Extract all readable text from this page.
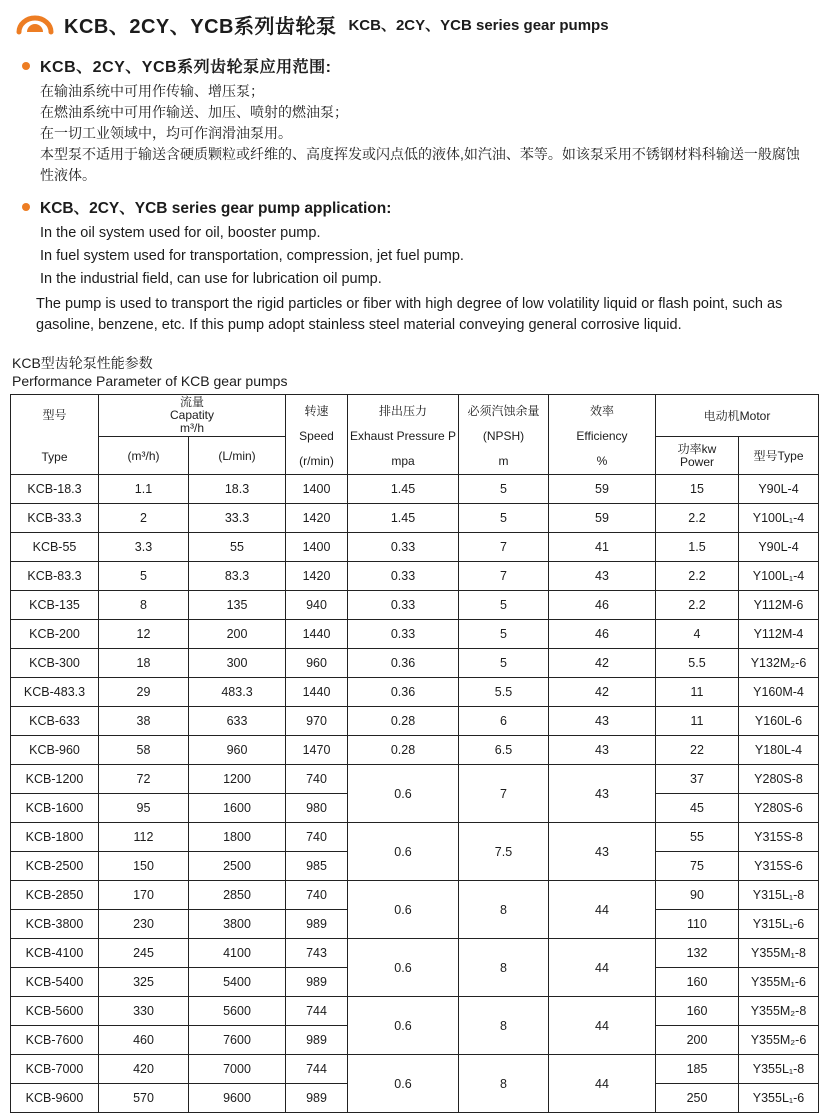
KCB、2CY、YCB系列齿轮泵 KCB、2CY、YCB series gear pumps
KCB、2CY、YCB系列齿轮泵应用范围:

在输油系统中可用作传输、增压泵；

在燃油系统中可用作输送、加压、喷射的燃油泵；

在一切工业领域中，均可作润滑油泵用。

本型泵不适用于输送含硬质颗粒或纤维的、高度挥发或闪点低的液体,如汽油、苯等。如该泵采用不锈钢材料科输送一般腐蚀性液体。

KCB、2CY、YCB series gear pump application:

In the oil system used for oil, booster pump.

In fuel system used for transportation, compression, jet fuel pump.

In the industrial field, can use for lubrication oil pump.

The pump is used to transport the rigid particles or fiber with high degree of low volatility liquid or flash point, such as gasoline, benzene, etc. If this pump adopt stainless steel material conveying general corrosive liquid.

KCB型齿轮泵性能参数
Performance Parameter of KCB gear pumps
型号
Type	流量
Capatity
m³/h		转速
Speed
(r/min)	排出压力
Exhaust Pressure P
mpa	必须汽蚀余量
(NPSH)
m	效率
Efficiency
%	电动机Motor	
	(m³/h)	(L/min)					功率kw
Power	型号Type
KCB-18.3	1.1	18.3	1400	1.45	5	59	15	Y90L-4
KCB-33.3	2	33.3	1420	1.45	5	59	2.2	Y100L₁-4
KCB-55	3.3	55	1400	0.33	7	41	1.5	Y90L-4
KCB-83.3	5	83.3	1420	0.33	7	43	2.2	Y100L₁-4
KCB-135	8	135	940	0.33	5	46	2.2	Y112M-6
KCB-200	12	200	1440	0.33	5	46	4	Y112M-4
KCB-300	18	300	960	0.36	5	42	5.5	Y132M₂-6
KCB-483.3	29	483.3	1440	0.36	5.5	42	11	Y160M-4
KCB-633	38	633	970	0.28	6	43	11	Y160L-6
KCB-960	58	960	1470	0.28	6.5	43	22	Y180L-4
KCB-1200	72	1200	740	0.6	7	43	37	Y280S-8
KCB-1600	95	1600	980				45	Y280S-6
KCB-1800	112	1800	740	0.6	7.5	43	55	Y315S-8
KCB-2500	150	2500	985				75	Y315S-6
KCB-2850	170	2850	740	0.6	8	44	90	Y315L₁-8
KCB-3800	230	3800	989				110	Y315L₁-6
KCB-4100	245	4100	743	0.6	8	44	132	Y355M₁-8
KCB-5400	325	5400	989				160	Y355M₁-6
KCB-5600	330	5600	744	0.6	8	44	160	Y355M₂-8
KCB-7600	460	7600	989				200	Y355M₂-6
KCB-7000	420	7000	744	0.6	8	44	185	Y355L₁-8
KCB-9600	570	9600	989				250	Y355L₁-6
